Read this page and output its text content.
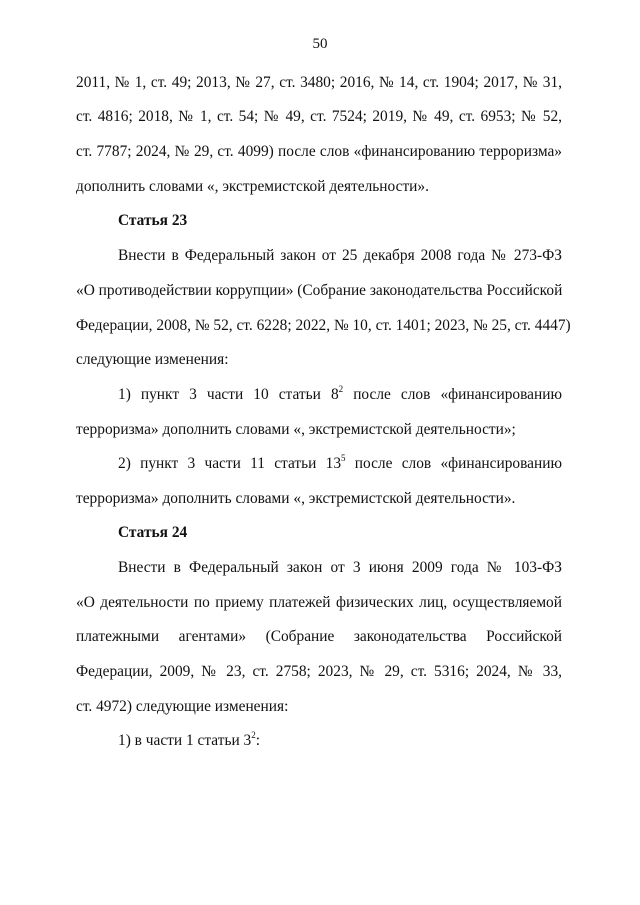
50
2011, № 1, ст. 49; 2013, № 27, ст. 3480; 2016, № 14, ст. 1904; 2017, № 31,
ст. 4816; 2018, № 1, ст. 54; № 49, ст. 7524; 2019, № 49, ст. 6953; № 52,
ст. 7787; 2024, № 29, ст. 4099) после слов «финансированию терроризма»
дополнить словами «, экстремистской деятельности».
Статья 23
Внести в Федеральный закон от 25 декабря 2008 года № 273-ФЗ
«О противодействии коррупции» (Собрание законодательства Российской
Федерации, 2008, № 52, ст. 6228; 2022, № 10, ст. 1401; 2023, № 25, ст. 4447)
следующие изменения:
1) пункт 3 части 10 статьи $8^2$ после слов «финансированию
терроризма» дополнить словами «, экстремистской деятельности»;
2) пункт 3 части 11 статьи $13^5$ после слов «финансированию
терроризма» дополнить словами «, экстремистской деятельности».
Статья 24
Внести в Федеральный закон от 3 июня 2009 года № 103-ФЗ
«О деятельности по приему платежей физических лиц, осуществляемой
платежными агентами» (Собрание законодательства Российской
Федерации, 2009, № 23, ст. 2758; 2023, № 29, ст. 5316; 2024, № 33,
ст. 4972) следующие изменения:
1) в части 1 статьи $3^2$:
